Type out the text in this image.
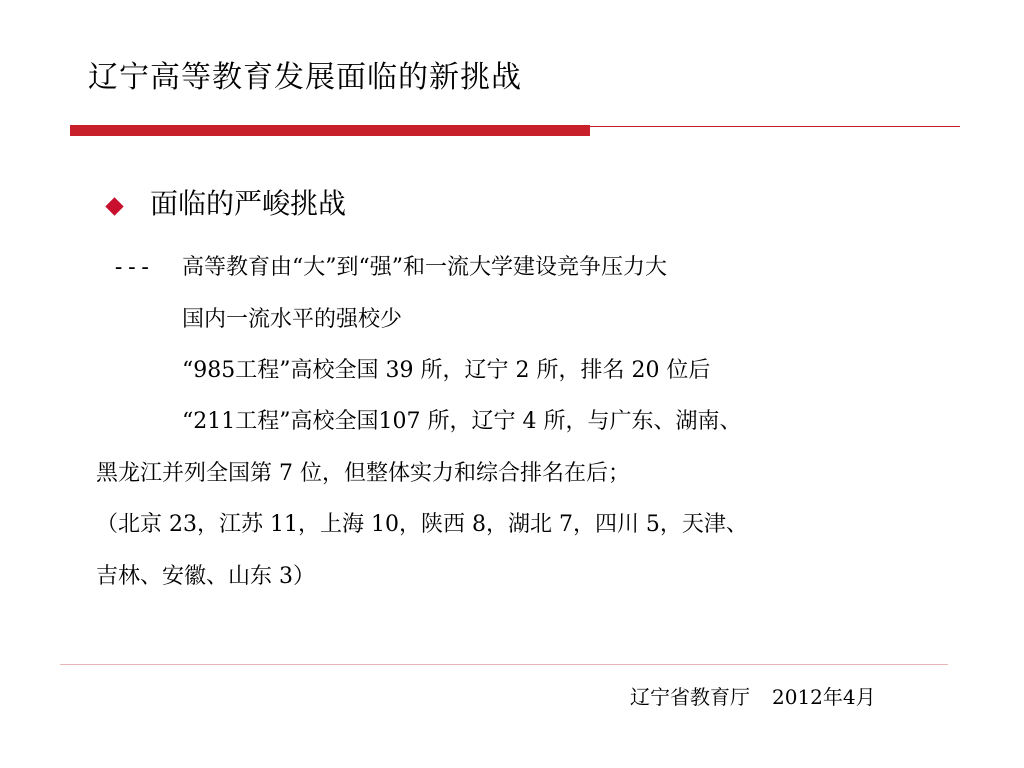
辽宁高等教育发展面临的新挑战
面临的严峻挑战
--- 高等教育由“大”到“强”和一流大学建设竞争压力大
国内一流水平的强校少
“985工程”高校全国 39 所，辽宁 2 所，排名 20 位后
“211工程”高校全国107 所，辽宁 4 所，与广东、湖南、
黑龙江并列全国第 7 位，但整体实力和综合排名在后；
（北京 23，江苏 11，上海 10，陕西 8，湖北 7，四川 5，天津、
吉林、安徽、山东 3）
辽宁省教育厅 2012年4月
